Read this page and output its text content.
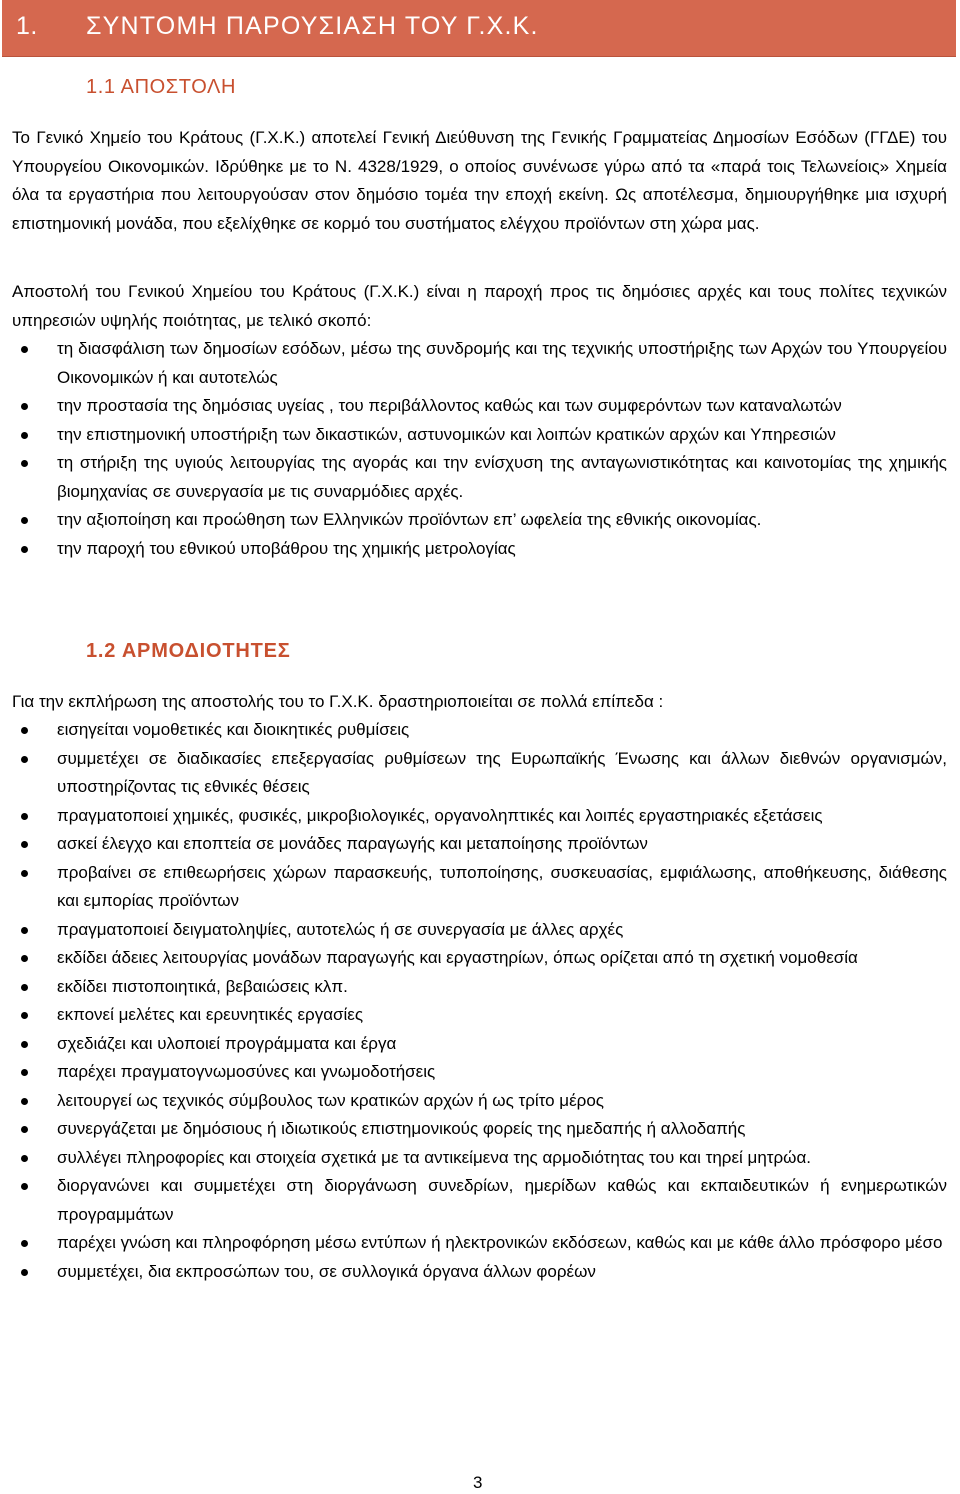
1. ΣΥΝΤΟΜΗ ΠΑΡΟΥΣΙΑΣΗ ΤΟΥ Γ.Χ.Κ.
1.1 ΑΠΟΣΤΟΛΗ

Το Γενικό Χημείο του Κράτους (Γ.Χ.Κ.) αποτελεί Γενική Διεύθυνση της Γενικής Γραμματείας Δημοσίων Εσόδων (ΓΓΔΕ) του Υπουργείου Οικονομικών. Ιδρύθηκε με το Ν. 4328/1929, ο οποίος συνένωσε γύρω από τα «παρά τοις Τελωνείοις» Χημεία όλα τα εργαστήρια που λειτουργούσαν στον δημόσιο τομέα την εποχή εκείνη. Ως αποτέλεσμα, δημιουργήθηκε μια ισχυρή επιστημονική μονάδα, που εξελίχθηκε σε κορμό του συστήματος ελέγχου προϊόντων στη χώρα μας.

Αποστολή του Γενικού Χημείου του Κράτους (Γ.Χ.Κ.) είναι η παροχή προς τις δημόσιες αρχές και τους πολίτες τεχνικών υπηρεσιών υψηλής ποιότητας, με τελικό σκοπό:

τη διασφάλιση των δημοσίων εσόδων, μέσω της συνδρομής και της τεχνικής υποστήριξης των Αρχών του Υπουργείου Οικονομικών ή και αυτοτελώς
την προστασία της δημόσιας υγείας , του περιβάλλοντος καθώς και των συμφερόντων των καταναλωτών
την επιστημονική υποστήριξη των δικαστικών, αστυνομικών και λοιπών κρατικών αρχών και Υπηρεσιών
τη στήριξη της υγιούς λειτουργίας της αγοράς και την ενίσχυση της ανταγωνιστικότητας και καινοτομίας της χημικής βιομηχανίας σε συνεργασία με τις συναρμόδιες αρχές.
την αξιοποίηση και προώθηση των Ελληνικών προϊόντων επ’ ωφελεία της εθνικής οικονομίας.
την παροχή του εθνικού υποβάθρου της χημικής μετρολογίας
1.2 ΑΡΜΟΔΙΟΤΗΤΕΣ

Για την εκπλήρωση της αποστολής του το Γ.Χ.Κ. δραστηριοποιείται σε πολλά επίπεδα :

εισηγείται νομοθετικές και διοικητικές ρυθμίσεις
συμμετέχει σε διαδικασίες επεξεργασίας ρυθμίσεων της Ευρωπαϊκής Ένωσης και άλλων διεθνών οργανισμών, υποστηρίζοντας τις εθνικές θέσεις
πραγματοποιεί χημικές, φυσικές, μικροβιολογικές, οργανοληπτικές και λοιπές εργαστηριακές εξετάσεις
ασκεί έλεγχο και εποπτεία σε μονάδες παραγωγής και μεταποίησης προϊόντων
προβαίνει σε επιθεωρήσεις χώρων παρασκευής, τυποποίησης, συσκευασίας, εμφιάλωσης, αποθήκευσης, διάθεσης και εμπορίας προϊόντων
πραγματοποιεί δειγματοληψίες, αυτοτελώς ή σε συνεργασία με άλλες αρχές
εκδίδει άδειες λειτουργίας μονάδων παραγωγής και εργαστηρίων, όπως ορίζεται από τη σχετική νομοθεσία
εκδίδει πιστοποιητικά, βεβαιώσεις κλπ.
εκπονεί μελέτες και ερευνητικές εργασίες
σχεδιάζει και υλοποιεί προγράμματα και έργα
παρέχει πραγματογνωμοσύνες και γνωμοδοτήσεις
λειτουργεί ως τεχνικός σύμβουλος των κρατικών αρχών ή ως τρίτο μέρος
συνεργάζεται με δημόσιους ή ιδιωτικούς επιστημονικούς φορείς της ημεδαπής ή αλλοδαπής
συλλέγει πληροφορίες και στοιχεία σχετικά με τα αντικείμενα της αρμοδιότητας του και τηρεί μητρώα.
διοργανώνει και συμμετέχει στη διοργάνωση συνεδρίων, ημερίδων καθώς και εκπαιδευτικών ή ενημερωτικών προγραμμάτων
παρέχει γνώση και πληροφόρηση μέσω εντύπων ή ηλεκτρονικών εκδόσεων, καθώς και με κάθε άλλο πρόσφορο μέσο
συμμετέχει, δια εκπροσώπων του, σε συλλογικά όργανα άλλων φορέων
3
